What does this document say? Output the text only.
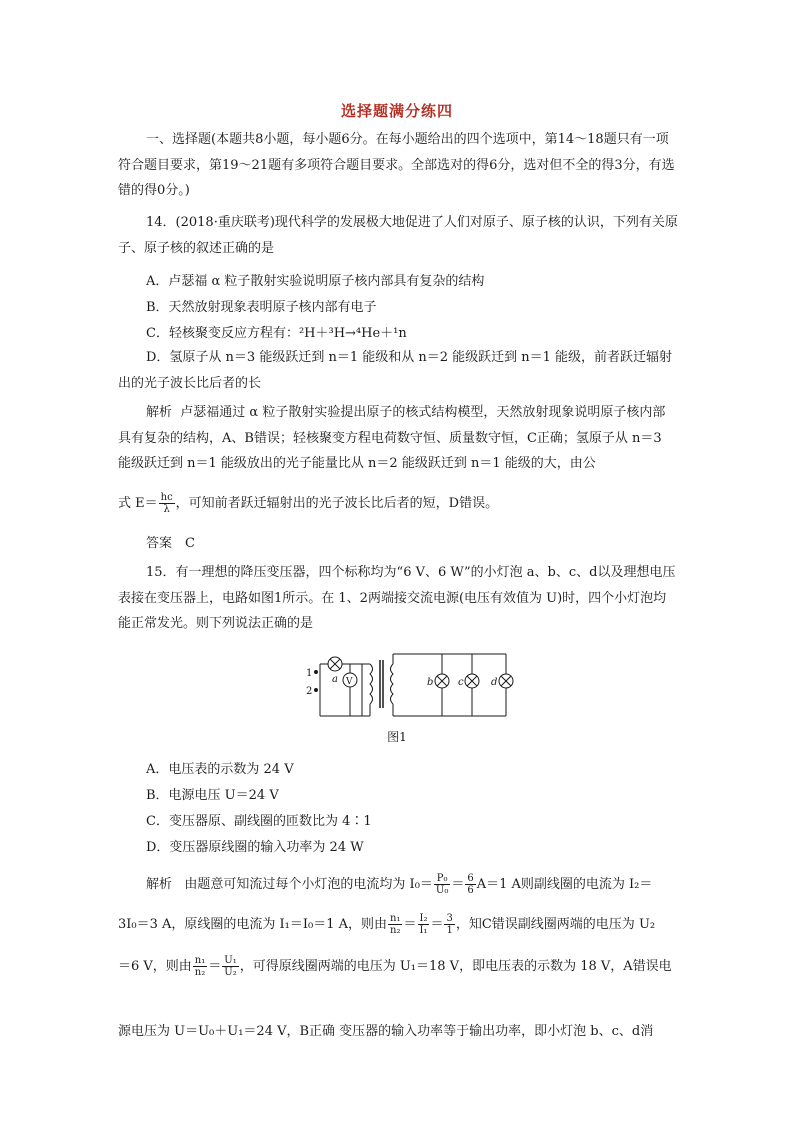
选择题满分练四
一、选择题(本题共8小题，每小题6分。在每小题给出的四个选项中，第14～18题只有一项符合题目要求，第19～21题有多项符合题目要求。全部选对的得6分，选对但不全的得3分，有选错的得0分。)
14．(2018·重庆联考)现代科学的发展极大地促进了人们对原子、原子核的认识，下列有关原子、原子核的叙述正确的是
A．卢瑟福 α 粒子散射实验说明原子核内部具有复杂的结构
B．天然放射现象表明原子核内部有电子
C．轻核聚变反应方程有：²H＋³H→⁴He＋¹n
D．氢原子从 n＝3 能级跃迁到 n＝1 能级和从 n＝2 能级跃迁到 n＝1 能级，前者跃迁辐射出的光子波长比后者的长
解析 卢瑟福通过 α 粒子散射实验提出原子的核式结构模型，天然放射现象说明原子核内部具有复杂的结构，A、B错误；轻核聚变方程电荷数守恒、质量数守恒，C正确；氢原子从 n＝3 能级跃迁到 n＝1 能级放出的光子能量比从 n＝2 能级跃迁到 n＝1 能级的大，由公
式 $E= \frac{hc}{\lambda}$ ，可知前者跃迁辐射出的光子波长比后者的短，D错误。
答案　C
15．有一理想的降压变压器，四个标称均为“6 V、6 W”的小灯泡 a、b、c、d以及理想电压表接在变压器上，电路如图1所示。在 1、2两端接交流电源(电压有效值为 U)时，四个小灯泡均能正常发光。则下列说法正确的是
1
2
a V	b c	d
图1
A．电压表的示数为 24 V
B．电源电压 U＝24 V
C．变压器原、副线圈的匝数比为 4∶1
D．变压器原线圈的输入功率为 24 W
解析 由题意可知流过每个小灯泡的电流均为 $I_0= \frac{\text{P₀}}{\text{U₀}} = \frac{6}{6} A=1$ A则副线圈的电流为 I₂＝
3I₀＝3 A，原线圈的电流为 I₁＝I₀＝1 A，则由 $\frac{\text{n₁}}{\text{n₂}} = \frac{\text{I₂}}{\text{I₁}} = \frac{3}{1}$ ，知C错误副线圈两端的电压为 U₂
＝6 V，则由 $\frac{\text{n₁}}{\text{n₂}} = \frac{\text{U₁}}{\text{U₂}}$ ，可得原线圈两端的电压为 U₁＝18 V，即电压表的示数为 18 V，A错误电
源电压为 U＝U₀＋U₁＝24 V，B正确 变压器的输入功率等于输出功率，即小灯泡 b、c、d消
